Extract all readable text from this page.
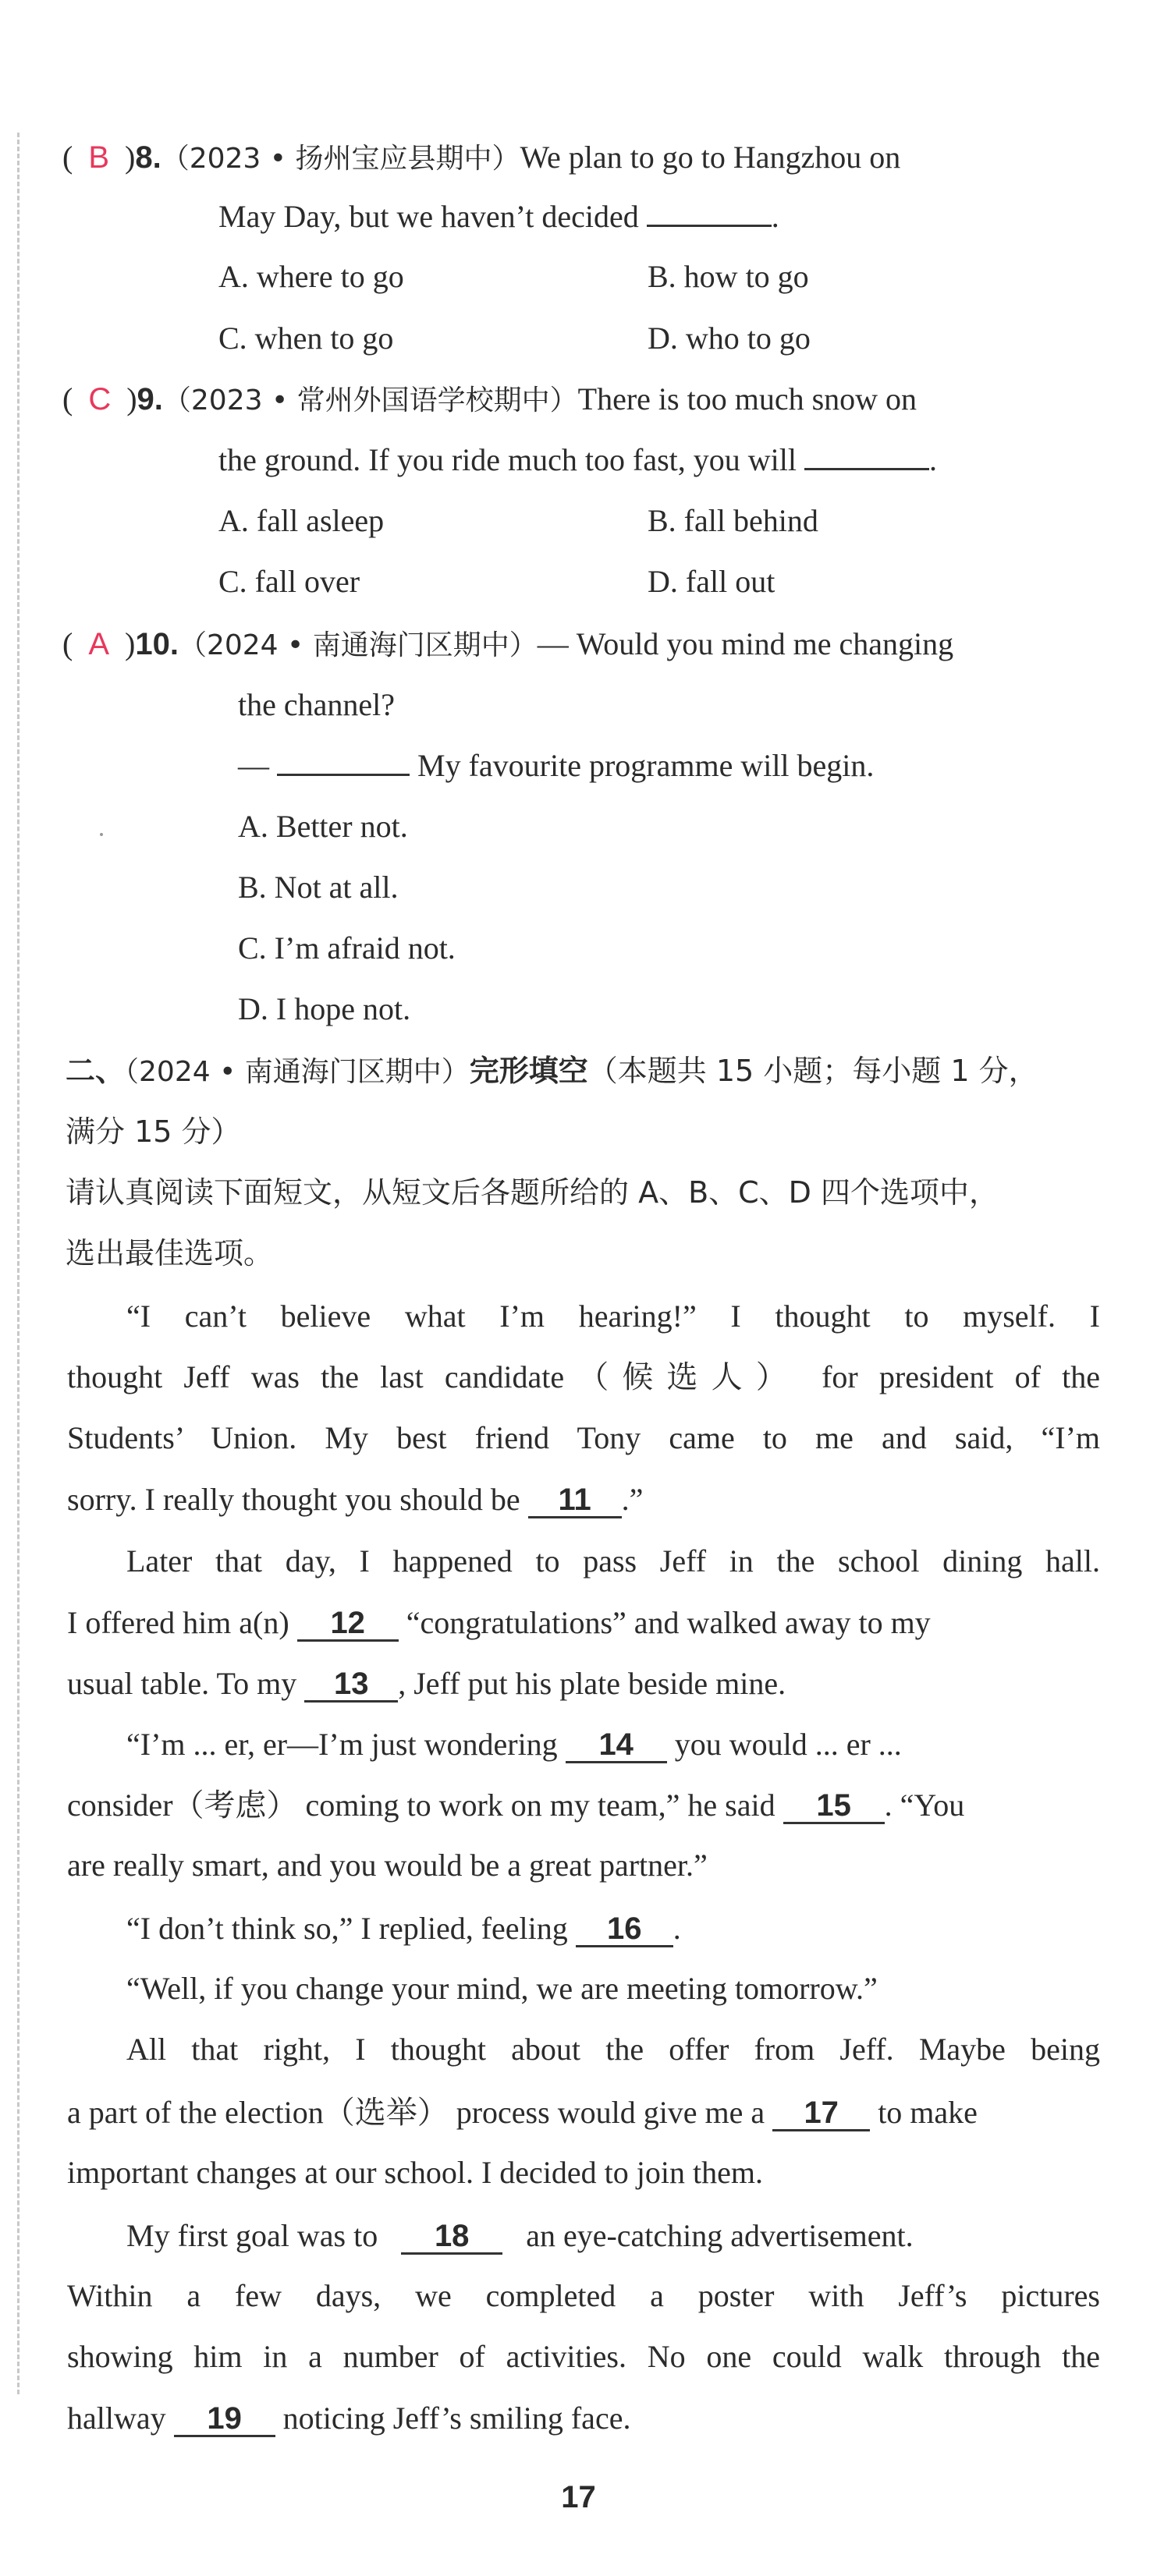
(  B  )8.（2023 • 扬州宝应县期中）We plan to go to Hangzhou on
May Day, but we haven’t decided	.
A. where to go	B. how to go
C. when to go	D. who to go
(  C  )9.（2023 • 常州外国语学校期中）There is too much snow on
the ground. If you ride much too fast, you will	.
A. fall asleep	B. fall behind
C. fall over	D. fall out
(  A  )10.（2024 • 南通海门区期中）— Would you mind me changing
the channel?
—	My favourite programme will begin.
A. Better not.
B. Not at all.
C. I’m afraid not.
D. I hope not.
二、（2024 • 南通海门区期中）完形填空（本题共 15 小题；每小题 1 分，
满分 15 分）
请认真阅读下面短文，从短文后各题所给的 A、B、C、D 四个选项中，
选出最佳选项。
“I can’t believe what I’m hearing!” I thought to myself. I
thought Jeff was the last candidate（候选人） for president of the
Students’ Union. My best friend Tony came to me and said, “I’m
sorry. I really thought you should be 11 .”
Later that day, I happened to pass Jeff in the school dining hall.
I offered him a(n) 12 “congratulations” and walked away to my
usual table. To my 13 , Jeff put his plate beside mine.
“I’m ... er, er—I’m just wondering 14 you would ... er ...
consider（考虑） coming to work on my team,” he said 15 . “You
are really smart, and you would be a great partner.”
“I don’t think so,” I replied, feeling 16 .
“Well, if you change your mind, we are meeting tomorrow.”
All that right, I thought about the offer from Jeff. Maybe being
a part of the election（选举） process would give me a 17 to make
important changes at our school. I decided to join them.
My first goal was to 18 an eye-catching advertisement.
Within a few days, we completed a poster with Jeff’s pictures
showing him in a number of activities. No one could walk through the
hallway 19 noticing Jeff’s smiling face.
17
